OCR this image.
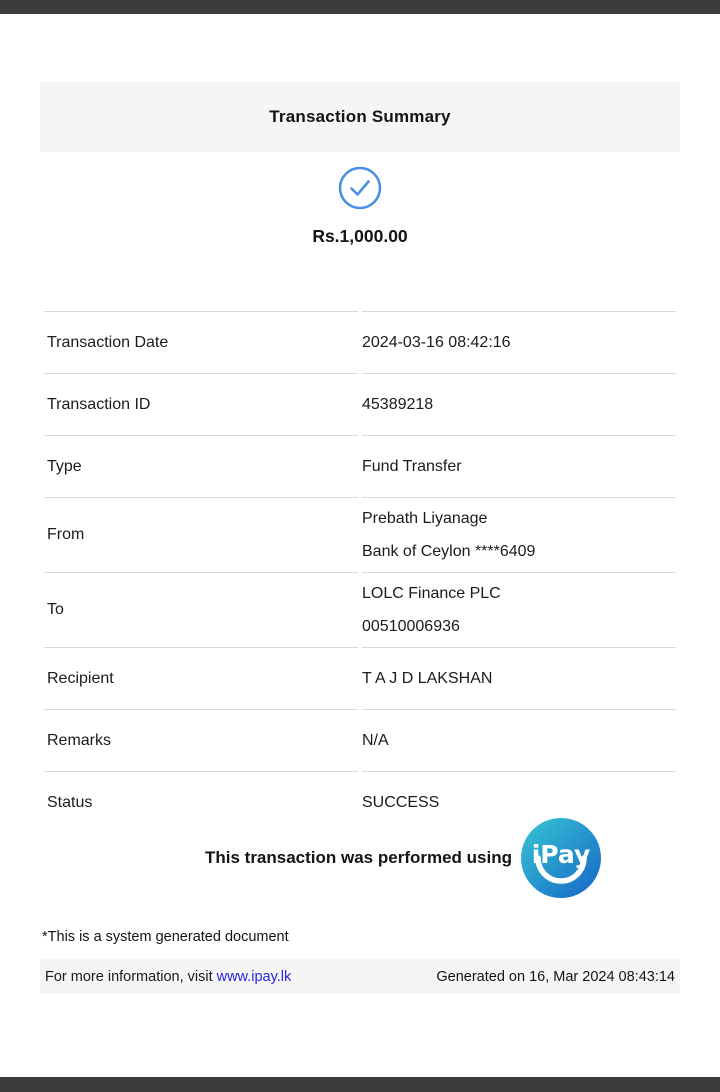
Transaction Summary
Rs.1,000.00
Transaction Date	2024-03-16 08:42:16

Transaction ID	45389218

Type	Fund Transfer

From	Prebath Liyanage
Bank of Ceylon ****6409

To	LOLC Finance PLC
00510006936

Recipient	T A J D LAKSHAN

Remarks	N/A

Status	SUCCESS
This transaction was performed using iPay
*This is a system generated document
For more information, visit www.ipay.lk	Generated on 16, Mar 2024 08:43:14
